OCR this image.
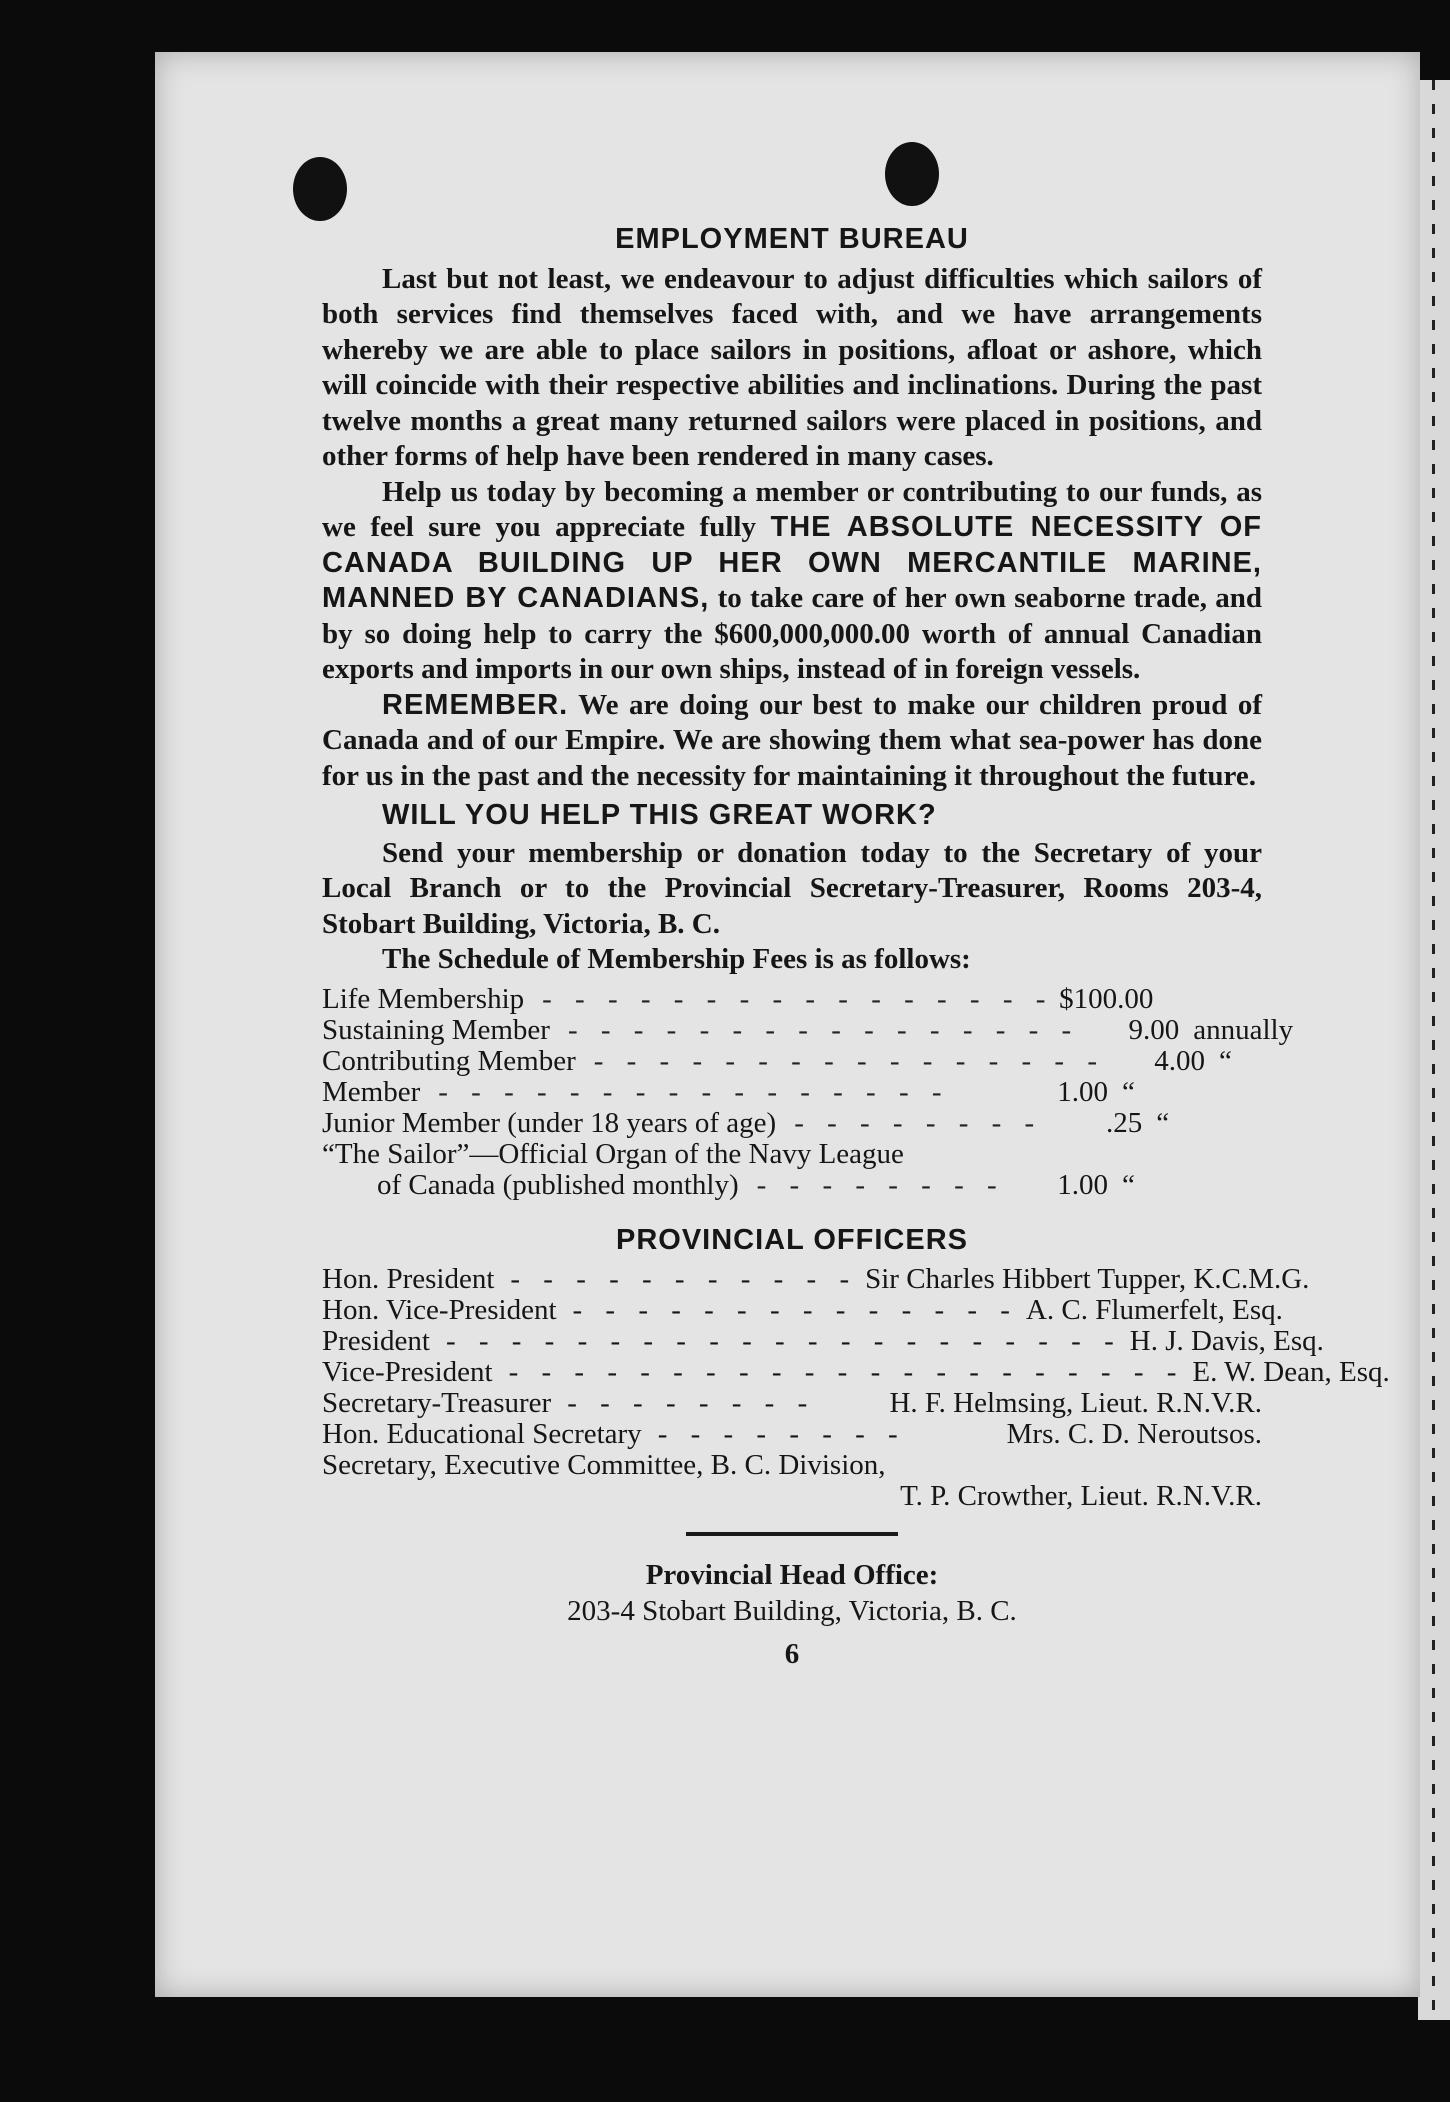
EMPLOYMENT BUREAU

Last but not least, we endeavour to adjust difficulties which sailors of both services find themselves faced with, and we have arrangements whereby we are able to place sailors in positions, afloat or ashore, which will coincide with their respective abilities and inclinations. During the past twelve months a great many returned sailors were placed in positions, and other forms of help have been rendered in many cases.

Help us today by becoming a member or contributing to our funds, as we feel sure you appreciate fully THE ABSOLUTE NECESSITY OF CANADA BUILDING UP HER OWN MERCANTILE MARINE, MANNED BY CANADIANS, to take care of her own seaborne trade, and by so doing help to carry the $600,000,000.00 worth of annual Canadian exports and imports in our own ships, instead of in foreign vessels.

REMEMBER. We are doing our best to make our children proud of Canada and of our Empire. We are showing them what sea-power has done for us in the past and the necessity for maintaining it throughout the future.

WILL YOU HELP THIS GREAT WORK?

Send your membership or donation today to the Secretary of your Local Branch or to the Provincial Secretary-Treasurer, Rooms 203-4, Stobart Building, Victoria, B. C.

The Schedule of Membership Fees is as follows:

Life Membership - - - - - - - - - - - - - - - - $100.00
Sustaining Member - - - - - - - - - - - - - - - -	9.00 annually
Contributing Member - - - - - - - - - - - - - - - -	4.00 “
Member - - - - - - - - - - - - - - - -	1.00 “
Junior Member (under 18 years of age) - - - - - - - -	.25 “
“The Sailor”—Official Organ of the Navy League
of Canada (published monthly) - - - - - - - -	1.00 “
PROVINCIAL OFFICERS
Hon. President - - - - - - - - - - - Sir Charles Hibbert Tupper, K.C.M.G.
Hon. Vice-President - - - - - - - - - - - - - - A. C. Flumerfelt, Esq.
President - - - - - - - - - - - - - - - - - - - - - H. J. Davis, Esq.
Vice-President - - - - - - - - - - - - - - - - - - - - - E. W. Dean, Esq.
Secretary-Treasurer - - - - - - - -	H. F. Helmsing, Lieut. R.N.V.R.
Hon. Educational Secretary - - - - - - - -	Mrs. C. D. Neroutsos.
Secretary, Executive Committee, B. C. Division,
T. P. Crowther, Lieut. R.N.V.R.
Provincial Head Office:
203-4 Stobart Building, Victoria, B. C.
6
